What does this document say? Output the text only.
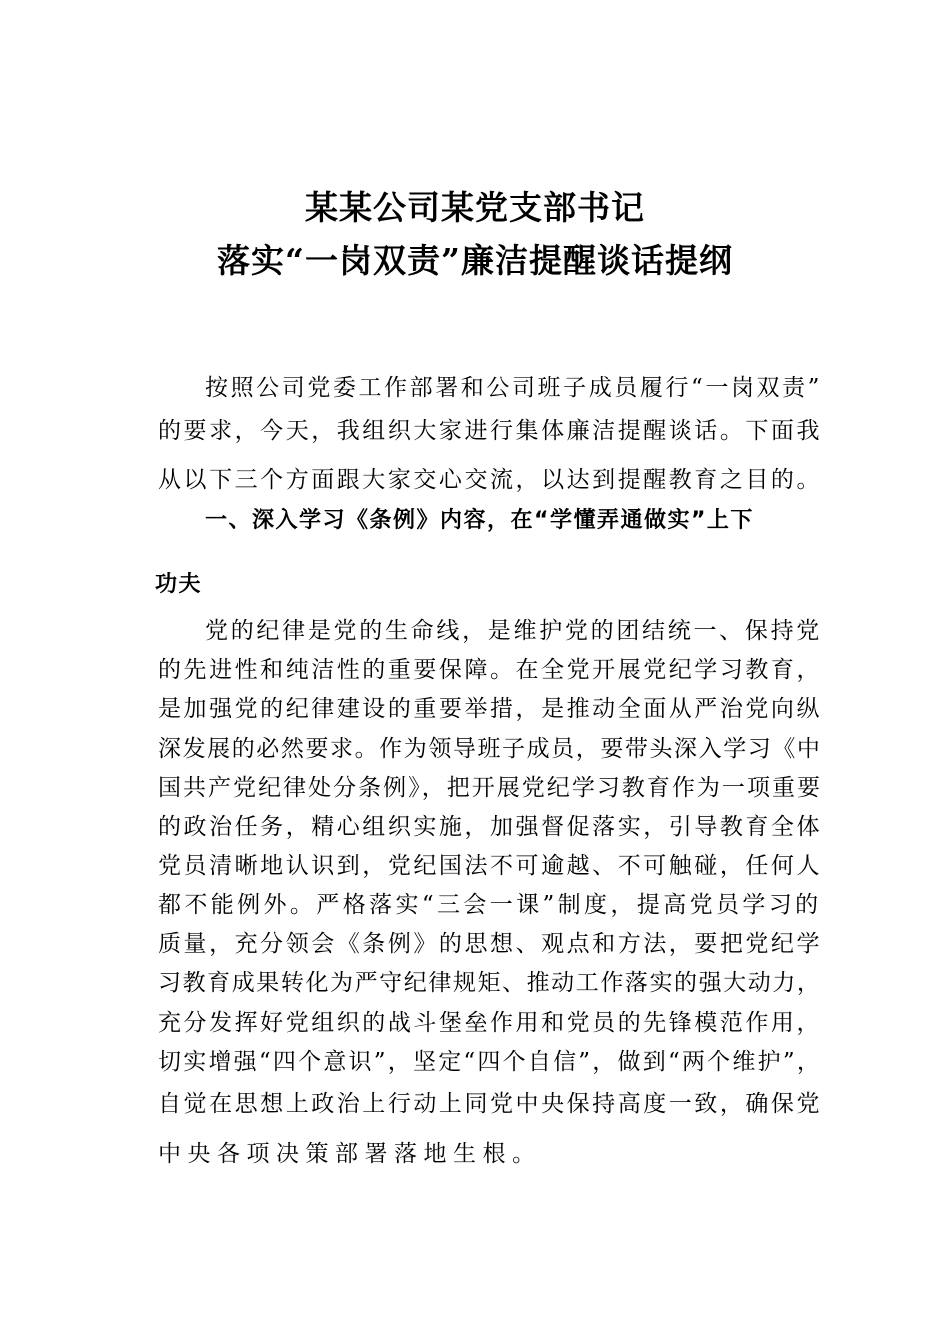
某某公司某党支部书记
落实“一岗双责”廉洁提醒谈话提纲
按照公司党委工作部署和公司班子成员履行“一岗双责”
的要求，今天，我组织大家进行集体廉洁提醒谈话。下面我
从以下三个方面跟大家交心交流，以达到提醒教育之目的。
一、深入学习《条例》内容，在“学懂弄通做实”上下
功夫
党的纪律是党的生命线，是维护党的团结统一、保持党
的先进性和纯洁性的重要保障。在全党开展党纪学习教育，
是加强党的纪律建设的重要举措，是推动全面从严治党向纵
深发展的必然要求。作为领导班子成员，要带头深入学习《中
国共产党纪律处分条例》，把开展党纪学习教育作为一项重要
的政治任务，精心组织实施，加强督促落实，引导教育全体
党员清晰地认识到，党纪国法不可逾越、不可触碰，任何人
都不能例外。严格落实“三会一课”制度，提高党员学习的
质量，充分领会《条例》的思想、观点和方法，要把党纪学
习教育成果转化为严守纪律规矩、推动工作落实的强大动力，
充分发挥好党组织的战斗堡垒作用和党员的先锋模范作用，
切实增强“四个意识”，坚定“四个自信”，做到“两个维护”，
自觉在思想上政治上行动上同党中央保持高度一致，确保党
中央各项决策部署落地生根。
